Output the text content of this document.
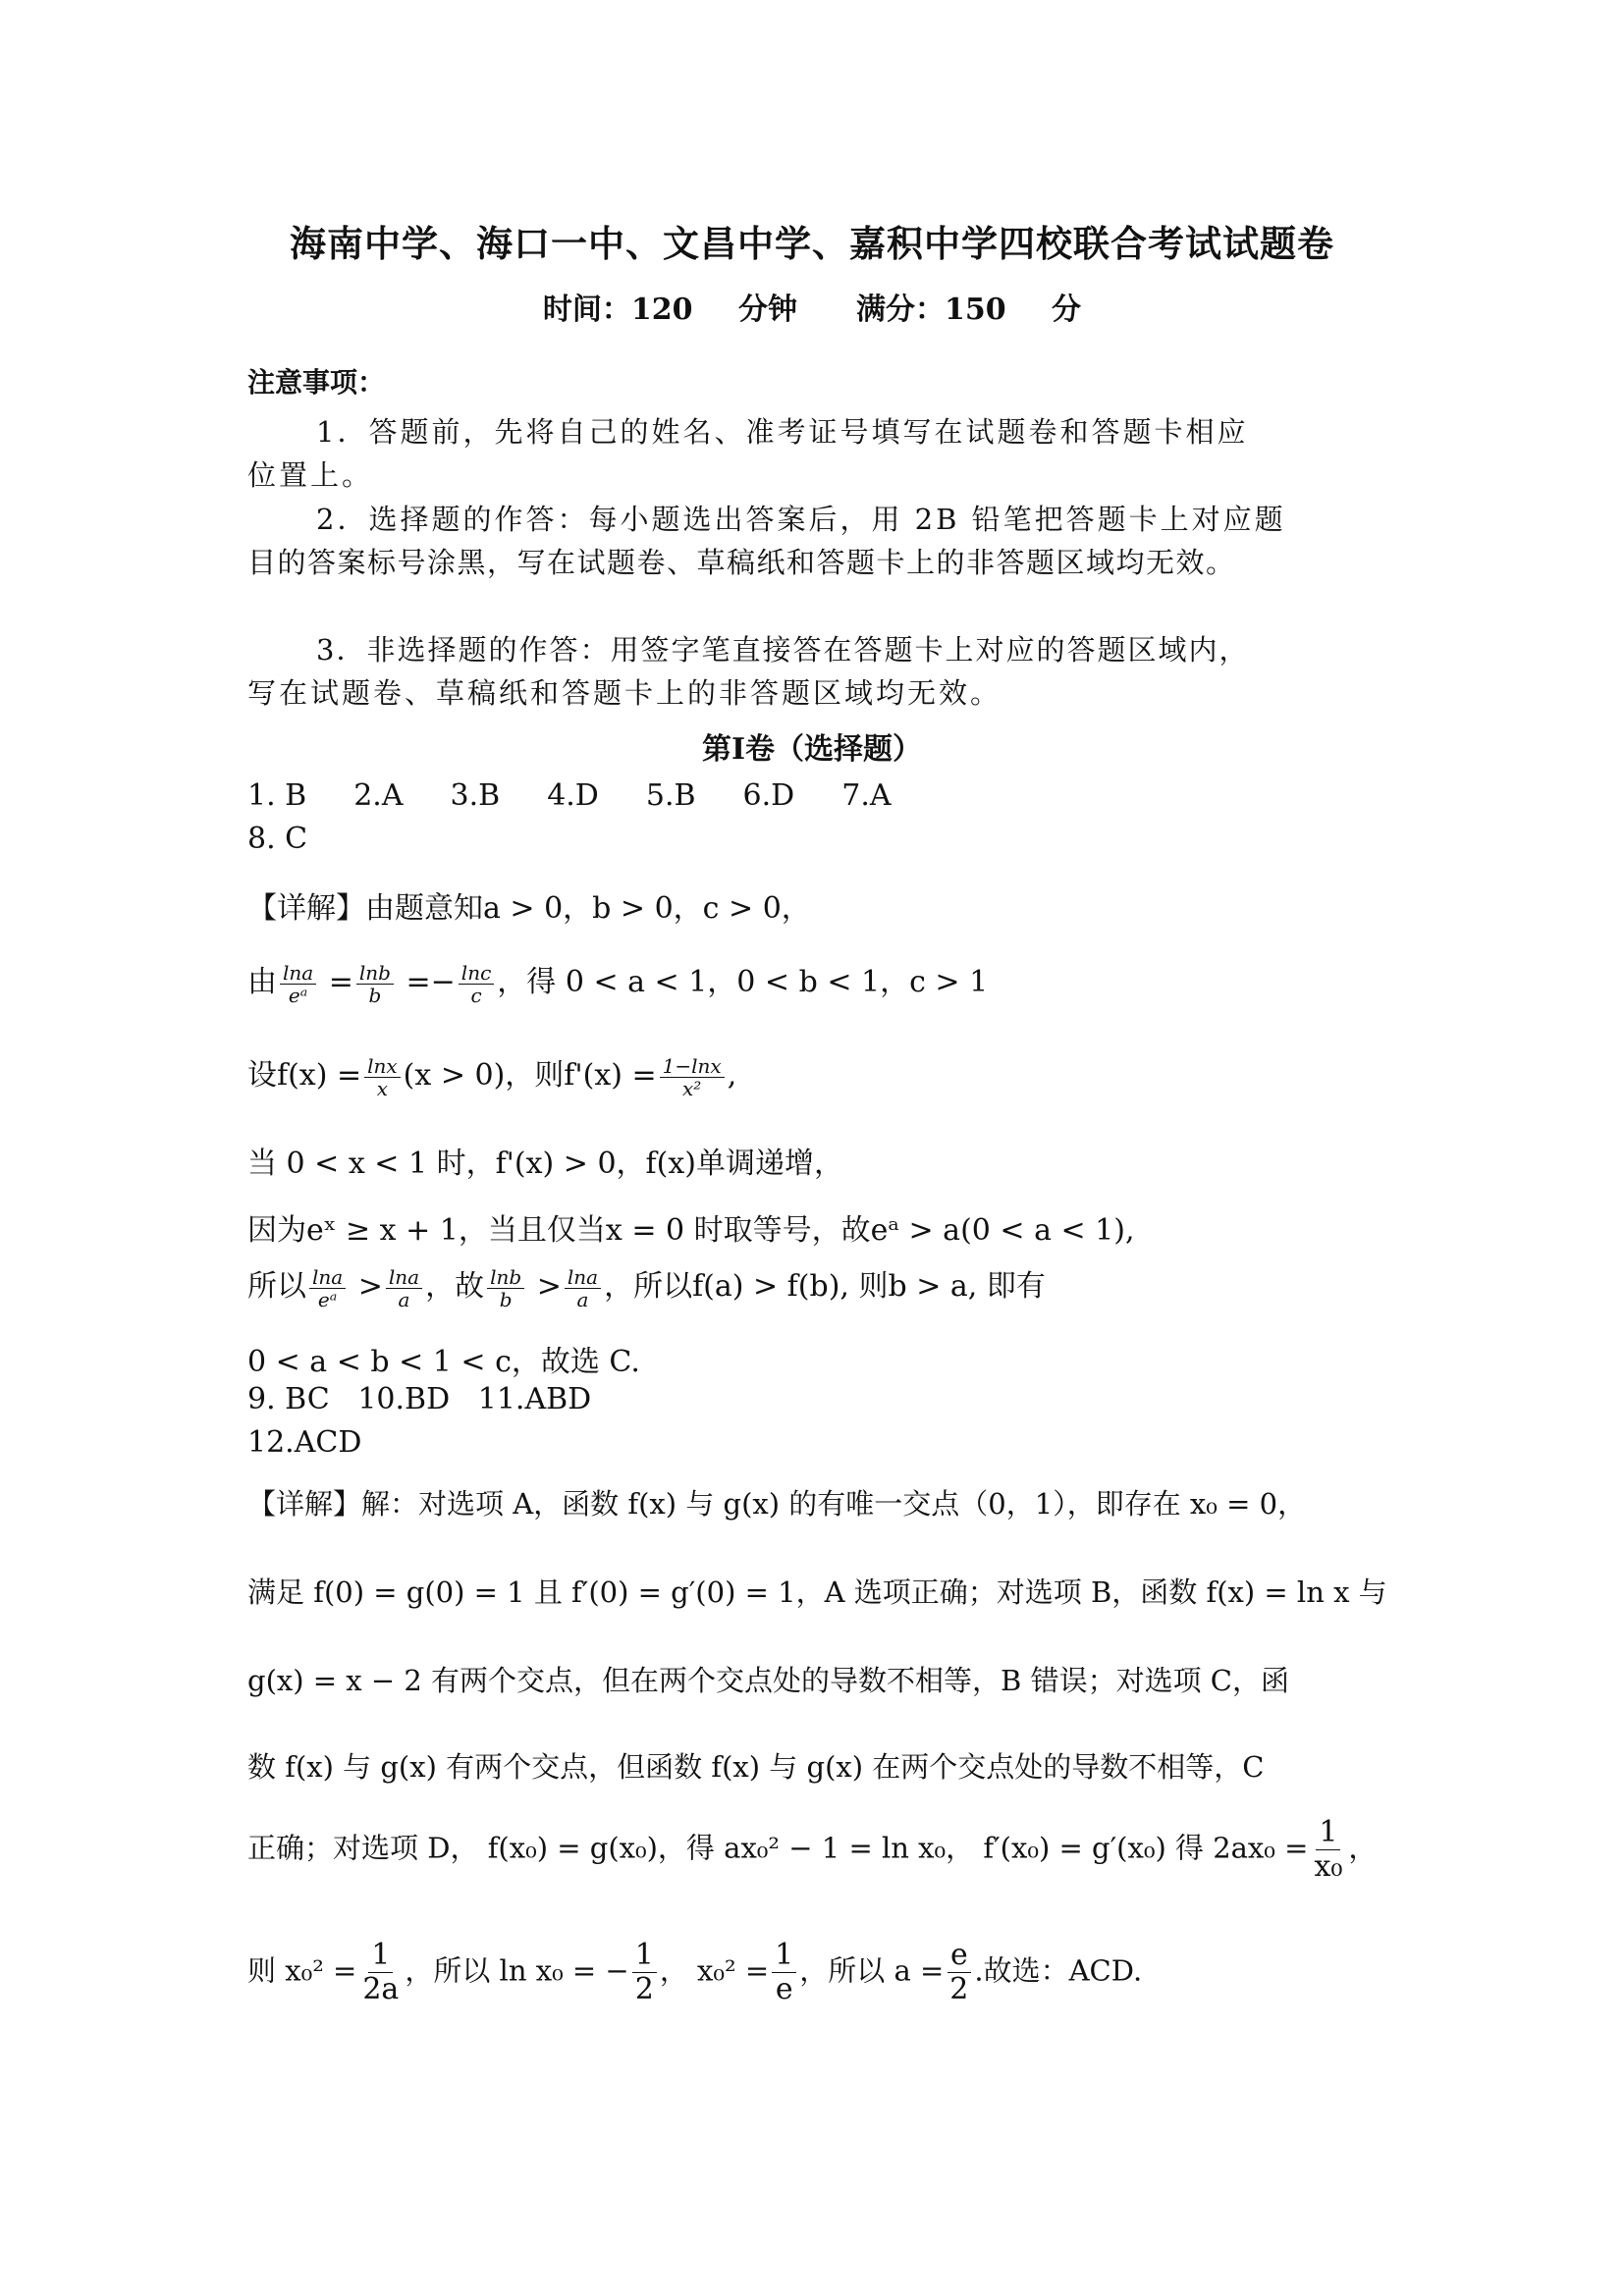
海南中学、海口一中、文昌中学、嘉积中学四校联合考试试题卷
时间：120 分钟　　满分：150 分
注意事项：
1．答题前，先将自己的姓名、准考证号填写在试题卷和答题卡相应
位置上。
2．选择题的作答：每小题选出答案后，用 2B 铅笔把答题卡上对应题
目的答案标号涂黑，写在试题卷、草稿纸和答题卡上的非答题区域均无效。
3．非选择题的作答：用签字笔直接答在答题卡上对应的答题区域内，
写在试题卷、草稿纸和答题卡上的非答题区域均无效。
第Ⅰ卷（选择题）
1. B 2.A 3.B 4.D 5.B 6.D 7.A
8. C
【详解】由题意知a > 0，b > 0，c > 0，
由 $\frac{\ln a}{\text{eᵃ}} = \frac{\ln b}{b} =- \frac{\ln c}{c}$ ，得 0 < a < 1，0 < b < 1，c > 1
设$f(x) = \frac{\ln x}{x} (x > 0)$，则$f'(x) = \frac{1-\ln x}{\text{x²}}$ ,
当 0 < x < 1 时，f'(x) > 0，f(x)单调递增，
因为eˣ ≥ x + 1，当且仅当x = 0 时取等号，故eᵃ > a(0 < a < 1),
所以 $\frac{\ln a}{\text{eᵃ}} > \frac{\ln a}{a}$ ，故 $\frac{\ln b}{b} > \frac{\ln a}{a}$ ，所以f(a) > f(b), 则b > a, 即有
0 < a < b < 1 < c，故选 C.
9. BC 10.BD 11.ABD
12.ACD
【详解】解：对选项 A，函数 f(x) 与 g(x) 的有唯一交点（0，1），即存在 x₀ = 0，
满足 f(0) = g(0) = 1 且 f′(0) = g′(0) = 1，A 选项正确；对选项 B，函数 f(x) = ln x 与
g(x) = x − 2 有两个交点，但在两个交点处的导数不相等，B 错误；对选项 C，函
数 f(x) 与 g(x) 有两个交点，但函数 f(x) 与 g(x) 在两个交点处的导数不相等，C
正确；对选项 D， f(x₀) = g(x₀)，得 ax₀² − 1 = ln x₀， f′(x₀) = g′(x₀) 得 $2ax_0 = \frac{1}{\text{x₀}}$ ，
则 $x_0^2 = \frac{1}{2a}$ ，所以 ln x₀ = − $\frac{1}{2}$ ， $x_0^2 = \frac{1}{e}$ ，所以 $a = \frac{e}{2}$ .故选：ACD.
